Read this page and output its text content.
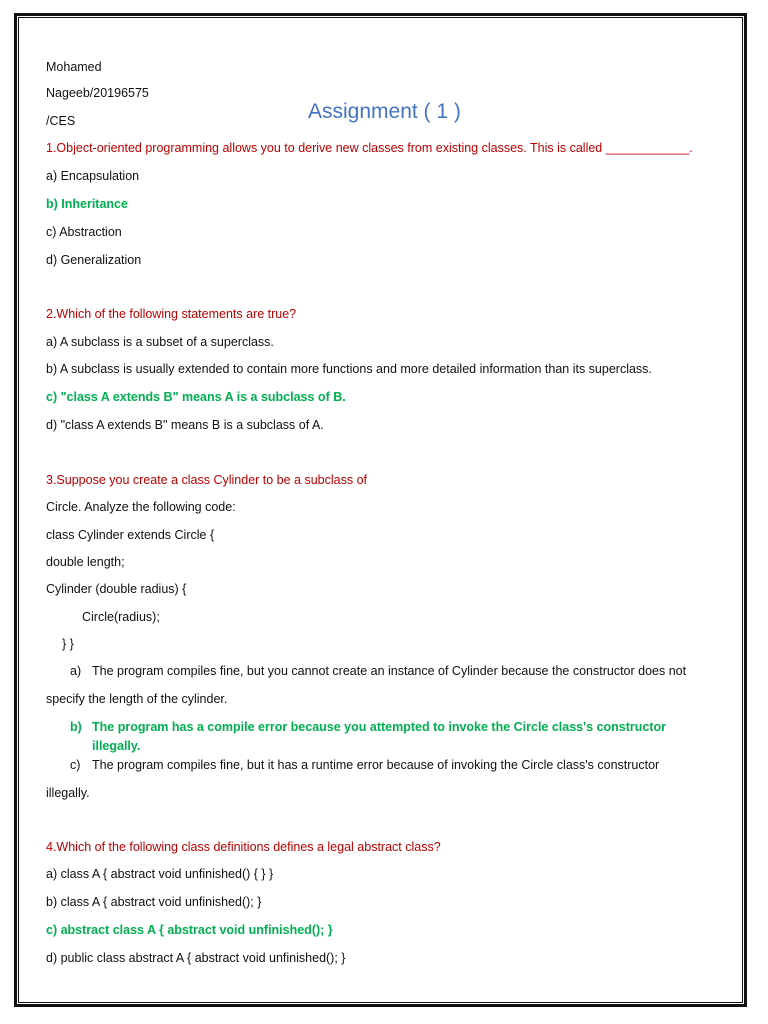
Mohamed
Nageeb/20196575
Assignment ( 1 )
/CES
1.Object-oriented programming allows you to derive new classes from existing classes. This is called ____________.
a) Encapsulation
b) Inheritance
c) Abstraction
d) Generalization
2.Which of the following statements are true?
a) A subclass is a subset of a superclass.
b) A subclass is usually extended to contain more functions and more detailed information than its superclass.
c) "class A extends B" means A is a subclass of B.
d) "class A extends B" means B is a subclass of A.
3.Suppose you create a class Cylinder to be a subclass of
Circle. Analyze the following code:
class Cylinder extends Circle {
double length;
Cylinder (double radius) {
Circle(radius);
} }
a) The program compiles fine, but you cannot create an instance of Cylinder because the constructor does not
specify the length of the cylinder.
b) The program has a compile error because you attempted to invoke the Circle class's constructor
illegally.
c) The program compiles fine, but it has a runtime error because of invoking the Circle class's constructor
illegally.
4.Which of the following class definitions defines a legal abstract class?
a) class A { abstract void unfinished() { } }
b) class A { abstract void unfinished(); }
c) abstract class A { abstract void unfinished(); }
d) public class abstract A { abstract void unfinished(); }
